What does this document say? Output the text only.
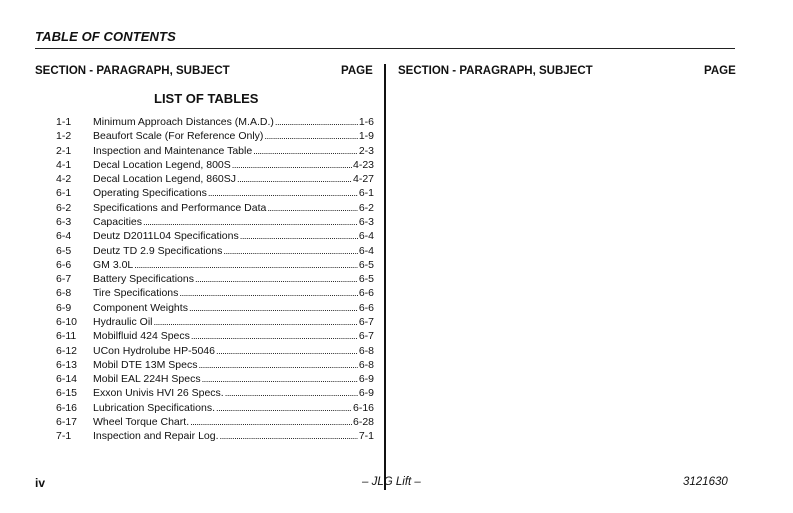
TABLE OF CONTENTS
SECTION - PARAGRAPH, SUBJECT	PAGE SECTION - PARAGRAPH, SUBJECT	PAGE
LIST OF TABLES
1-1	Minimum Approach Distances (M.A.D.) . . .	1-6
1-2	Beaufort Scale (For Reference Only) . . .	1-9
2-1	Inspection and Maintenance Table . . .	2-3
4-1	Decal Location Legend, 800S . . .	4-23
4-2	Decal Location Legend, 860SJ . . .	4-27
6-1	Operating Specifications . . .	6-1
6-2	Specifications and Performance Data . . .	6-2
6-3	Capacities . . .	6-3
6-4	Deutz D2011L04 Specifications . . .	6-4
6-5	Deutz TD 2.9 Specifications . . .	6-4
6-6	GM 3.0L . . .	6-5
6-7	Battery Specifications . . .	6-5
6-8	Tire Specifications . . .	6-6
6-9	Component Weights . . .	6-6
6-10	Hydraulic Oil . . .	6-7
6-11	Mobilfluid 424 Specs . . .	6-7
6-12	UCon Hydrolube HP-5046 . . .	6-8
6-13	Mobil DTE 13M Specs . . .	6-8
6-14	Mobil EAL 224H Specs . . .	6-9
6-15	Exxon Univis HVI 26 Specs. . . .	6-9
6-16	Lubrication Specifications. . . .	6-16
6-17	Wheel Torque Chart. . . .	6-28
7-1	Inspection and Repair Log. . . .	7-1
iv	– JLG Lift –	3121630
